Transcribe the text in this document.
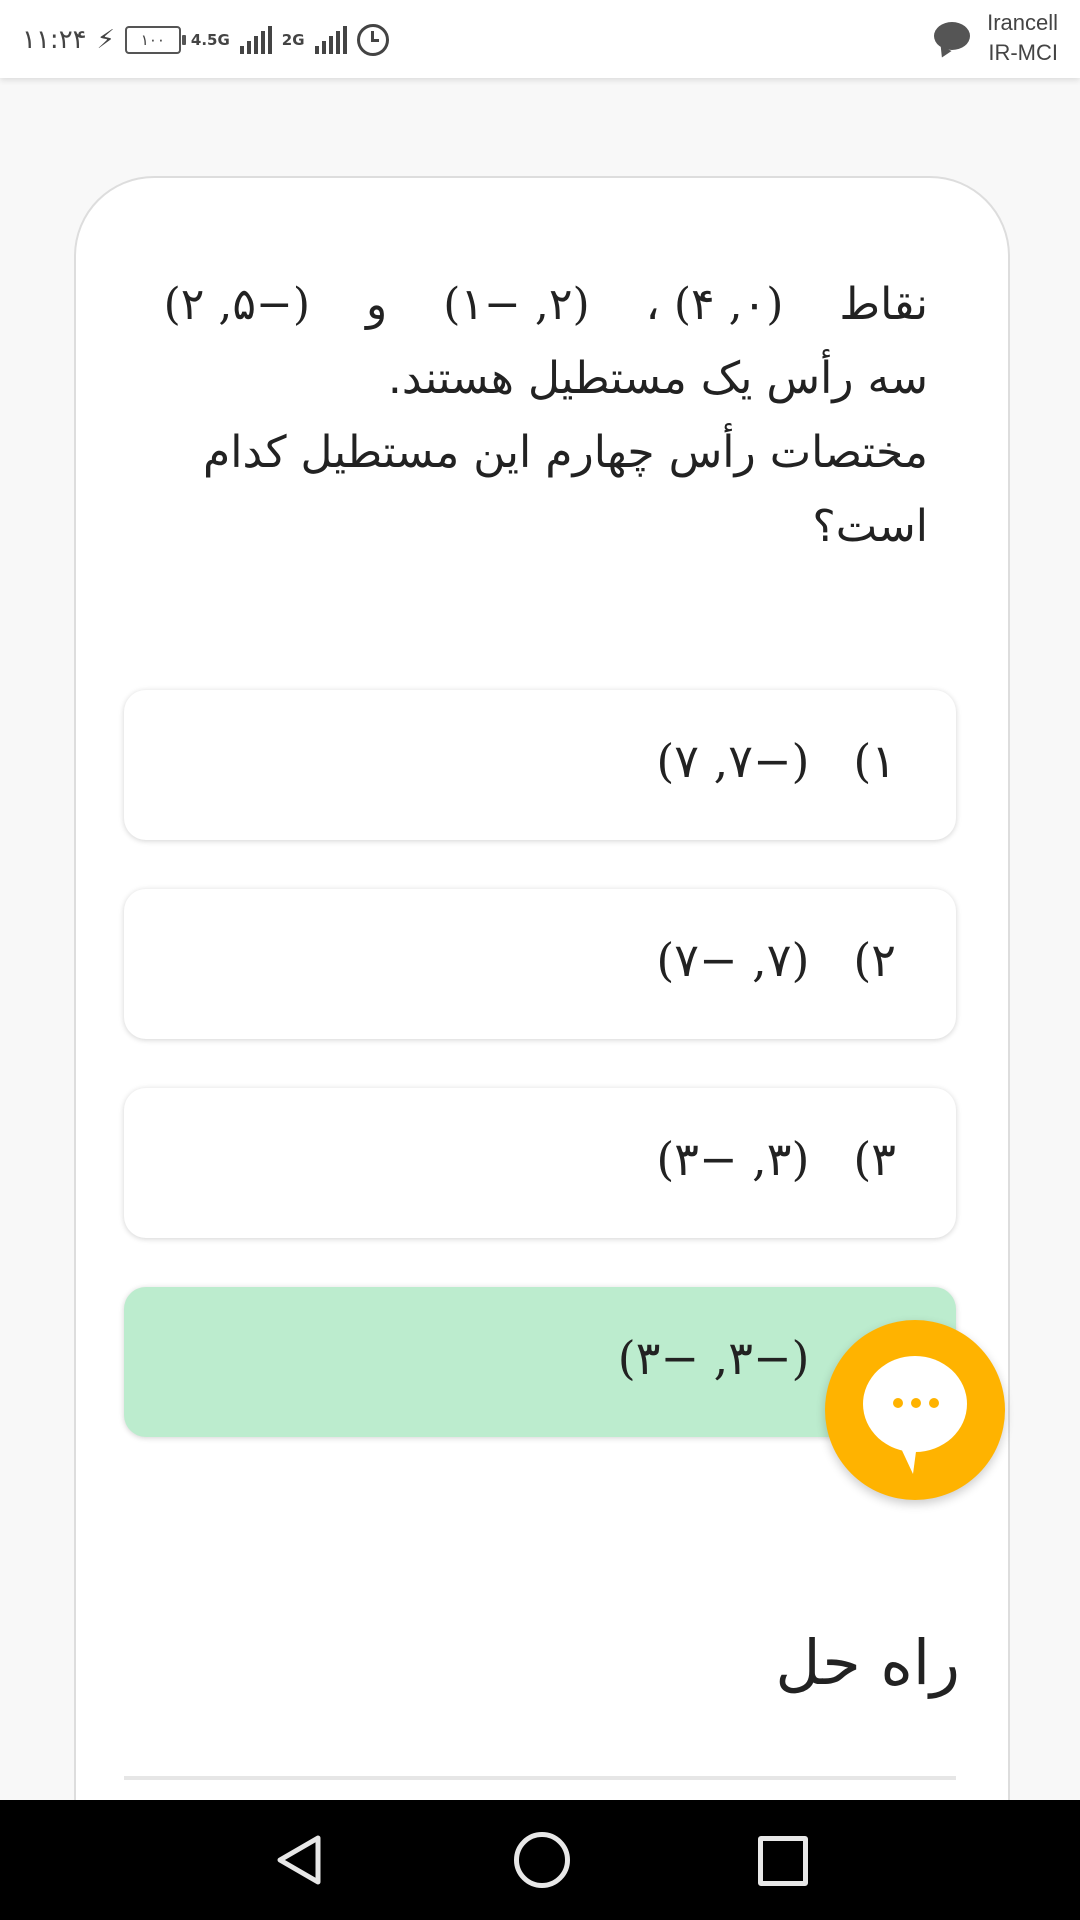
۱۱:۲۴ ⚡	۱۰۰	4.5G	2G
Irancell
IR-MCI
نقاط    (۰, ۴) ،    (۲, −۱)    و    (−۵, ۲)
سه رأس یک مستطیل هستند.
مختصات رأس چهارم این مستطیل کدام است؟
۱)   (−۷, ۷)
۲)   (۷, −۷)
۳)   (۳, −۳)
(−۳, −۳)
راه حل
